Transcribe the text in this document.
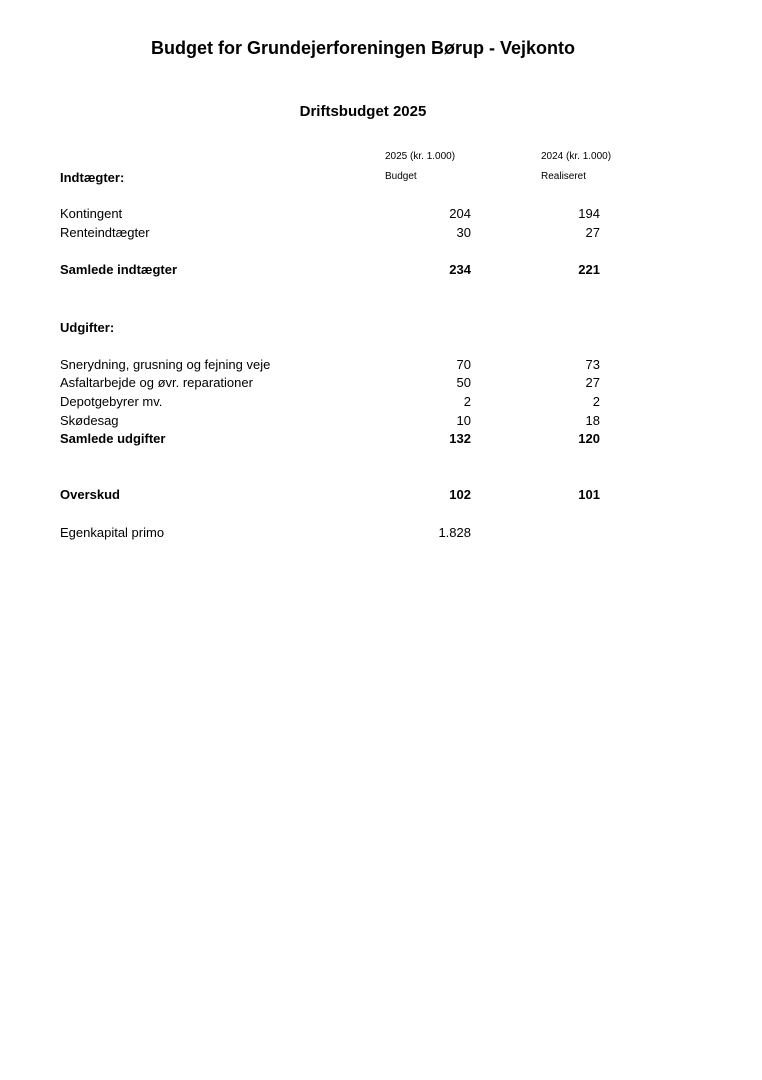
Budget for Grundejerforeningen Børup - Vejkonto
Driftsbudget 2025
2025 (kr. 1.000)	2024 (kr. 1.000)
Budget	Realiseret
Indtægter:
Kontingent	204	194
Renteindtægter	30	27
Samlede indtægter	234	221
Udgifter:
Snerydning, grusning og fejning veje	70	73
Asfaltarbejde og øvr. reparationer	50	27
Depotgebyrer mv.	2	2
Skødesag	10	18
Samlede udgifter	132	120
Overskud	102	101
Egenkapital primo	1.828
